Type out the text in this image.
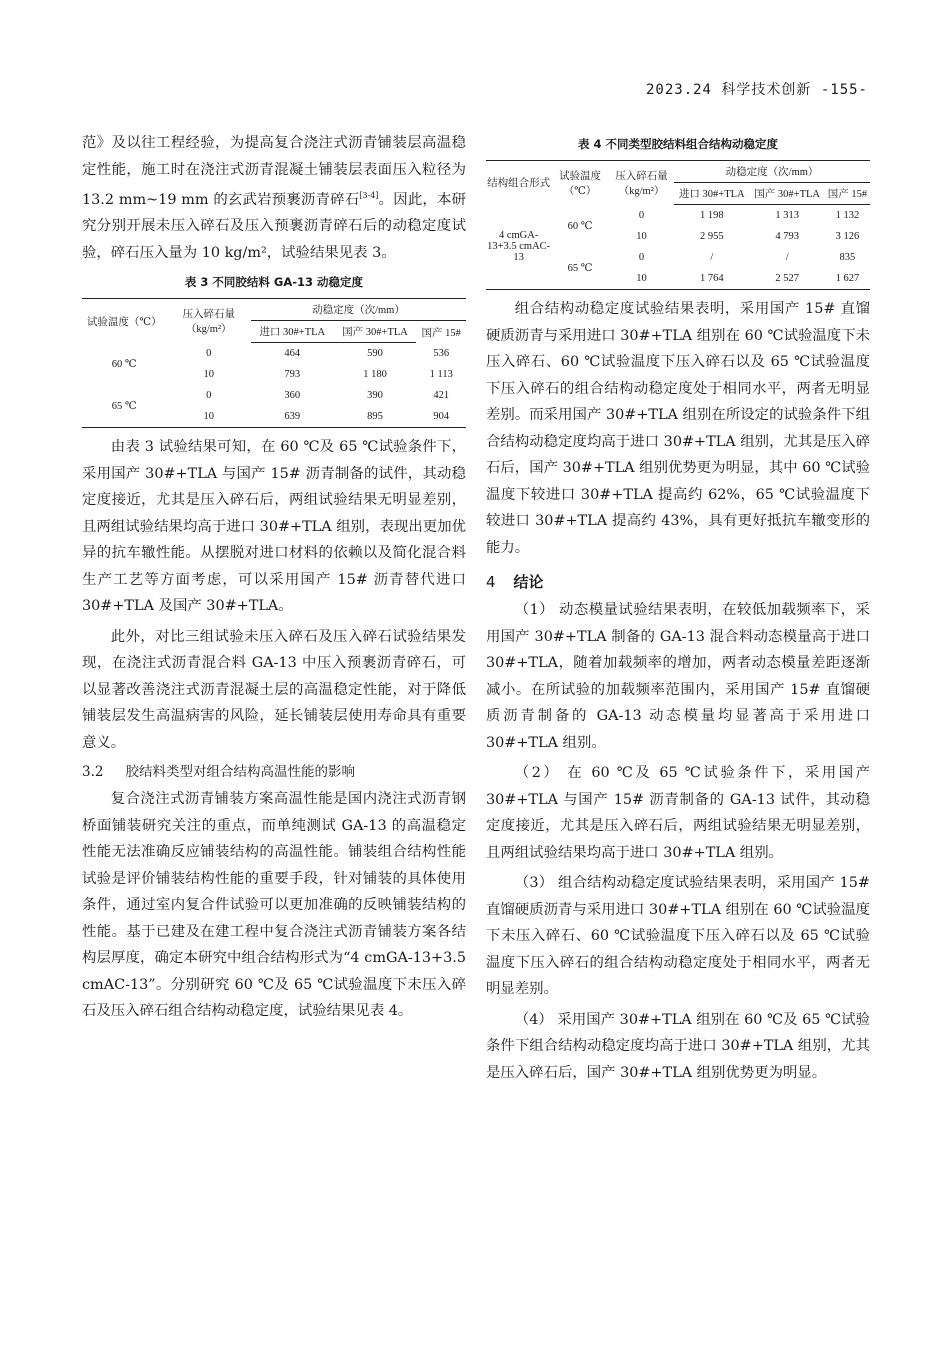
2023.24 科学技术创新 -155-

范》及以往工程经验，为提高复合浇注式沥青铺装层高温稳定性能，施工时在浇注式沥青混凝土铺装层表面压入粒径为 13.2 mm~19 mm 的玄武岩预裹沥青碎石[3-4]。因此，本研究分别开展未压入碎石及压入预裹沥青碎石后的动稳定度试验，碎石压入量为 10 kg/m²，试验结果见表 3。

表 3 不同胶结料 GA-13 动稳定度
试验温度（℃）	压入碎石量（kg/m²）	动稳定度（次/mm）		
		进口 30#+TLA	国产 30#+TLA	国产 15#

60 ℃	0	464	590	536
	10	793	1 180	1 113
65 ℃	0	360	390	421
	10	639	895	904

由表 3 试验结果可知，在 60 ℃及 65 ℃试验条件下，采用国产 30#+TLA 与国产 15# 沥青制备的试件，其动稳定度接近，尤其是压入碎石后，两组试验结果无明显差别，且两组试验结果均高于进口 30#+TLA 组别，表现出更加优异的抗车辙性能。从摆脱对进口材料的依赖以及简化混合料生产工艺等方面考虑，可以采用国产 15# 沥青替代进口 30#+TLA 及国产 30#+TLA。

此外，对比三组试验未压入碎石及压入碎石试验结果发现，在浇注式沥青混合料 GA-13 中压入预裹沥青碎石，可以显著改善浇注式沥青混凝土层的高温稳定性能，对于降低铺装层发生高温病害的风险，延长铺装层使用寿命具有重要意义。

3.2 胶结料类型对组合结构高温性能的影响

复合浇注式沥青铺装方案高温性能是国内浇注式沥青钢桥面铺装研究关注的重点，而单纯测试 GA-13 的高温稳定性能无法准确反应铺装结构的高温性能。铺装组合结构性能试验是评价铺装结构性能的重要手段，针对铺装的具体使用条件，通过室内复合件试验可以更加准确的反映铺装结构的性能。基于已建及在建工程中复合浇注式沥青铺装方案各结构层厚度，确定本研究中组合结构形式为“4 cmGA-13+3.5 cmAC-13”。分别研究 60 ℃及 65 ℃试验温度下未压入碎石及压入碎石组合结构动稳定度，试验结果见表 4。

表 4 不同类型胶结料组合结构动稳定度
结构组合形式	试验温度（℃）	压入碎石量（kg/m²）	动稳定度（次/mm）		
			进口 30#+TLA	国产 30#+TLA	国产 15#

4 cmGA-13+3.5 cmAC-13	60 ℃	0	1 198	1 313	1 132
		10	2 955	4 793	3 126
	65 ℃	0	/	/	835
		10	1 764	2 527	1 627

组合结构动稳定度试验结果表明，采用国产 15# 直馏硬质沥青与采用进口 30#+TLA 组别在 60 ℃试验温度下未压入碎石、60 ℃试验温度下压入碎石以及 65 ℃试验温度下压入碎石的组合结构动稳定度处于相同水平，两者无明显差别。而采用国产 30#+TLA 组别在所设定的试验条件下组合结构动稳定度均高于进口 30#+TLA 组别，尤其是压入碎石后，国产 30#+TLA 组别优势更为明显，其中 60 ℃试验温度下较进口 30#+TLA 提高约 62%，65 ℃试验温度下较进口 30#+TLA 提高约 43%，具有更好抵抗车辙变形的能力。

4 结论

（1） 动态模量试验结果表明，在较低加载频率下，采用国产 30#+TLA 制备的 GA-13 混合料动态模量高于进口 30#+TLA，随着加载频率的增加，两者动态模量差距逐渐减小。在所试验的加载频率范围内，采用国产 15# 直馏硬质沥青制备的 GA-13 动态模量均显著高于采用进口 30#+TLA 组别。

（2） 在 60 ℃及 65 ℃试验条件下，采用国产 30#+TLA 与国产 15# 沥青制备的 GA-13 试件，其动稳定度接近，尤其是压入碎石后，两组试验结果无明显差别，且两组试验结果均高于进口 30#+TLA 组别。

（3） 组合结构动稳定度试验结果表明，采用国产 15# 直馏硬质沥青与采用进口 30#+TLA 组别在 60 ℃试验温度下未压入碎石、60 ℃试验温度下压入碎石以及 65 ℃试验温度下压入碎石的组合结构动稳定度处于相同水平，两者无明显差别。

（4） 采用国产 30#+TLA 组别在 60 ℃及 65 ℃试验条件下组合结构动稳定度均高于进口 30#+TLA 组别，尤其是压入碎石后，国产 30#+TLA 组别优势更为明显。
